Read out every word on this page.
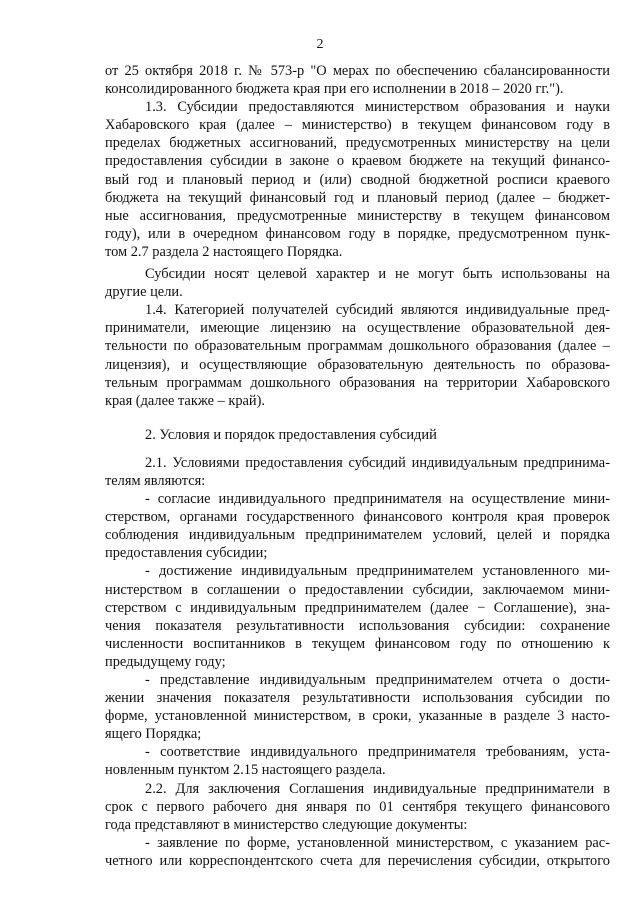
2
от 25 октября 2018 г. № 573-р "О мерах по обеспечению сбалансированности
консолидированного бюджета края при его исполнении в 2018 – 2020 гг.").
1.3. Субсидии предоставляются министерством образования и науки
Хабаровского края (далее – министерство) в текущем финансовом году в
пределах бюджетных ассигнований, предусмотренных министерству на цели
предоставления субсидии в законе о краевом бюджете на текущий финансо-
вый год и плановый период и (или) сводной бюджетной росписи краевого
бюджета на текущий финансовый год и плановый период (далее – бюджет-
ные ассигнования, предусмотренные министерству в текущем финансовом
году), или в очередном финансовом году в порядке, предусмотренном пунк-
том 2.7 раздела 2 настоящего Порядка.
Субсидии носят целевой характер и не могут быть использованы на
другие цели.
1.4. Категорией получателей субсидий являются индивидуальные пред-
приниматели, имеющие лицензию на осуществление образовательной дея-
тельности по образовательным программам дошкольного образования (далее –
лицензия), и осуществляющие образовательную деятельность по образова-
тельным программам дошкольного образования на территории Хабаровского
края (далее также – край).
2. Условия и порядок предоставления субсидий
2.1. Условиями предоставления субсидий индивидуальным предпринима-
телям являются:
- согласие индивидуального предпринимателя на осуществление мини-
стерством, органами государственного финансового контроля края проверок
соблюдения индивидуальным предпринимателем условий, целей и порядка
предоставления субсидии;
- достижение индивидуальным предпринимателем установленного ми-
нистерством в соглашении о предоставлении субсидии, заключаемом мини-
стерством с индивидуальным предпринимателем (далее − Соглашение), зна-
чения показателя результативности использования субсидии: сохранение
численности воспитанников в текущем финансовом году по отношению к
предыдущему году;
- представление индивидуальным предпринимателем отчета о дости-
жении значения показателя результативности использования субсидии по
форме, установленной министерством, в сроки, указанные в разделе 3 насто-
ящего Порядка;
- соответствие индивидуального предпринимателя требованиям, уста-
новленным пунктом 2.15 настоящего раздела.
2.2. Для заключения Соглашения индивидуальные предприниматели в
срок с первого рабочего дня января по 01 сентября текущего финансового
года представляют в министерство следующие документы:
- заявление по форме, установленной министерством, с указанием рас-
четного или корреспондентского счета для перечисления субсидии, открытого
